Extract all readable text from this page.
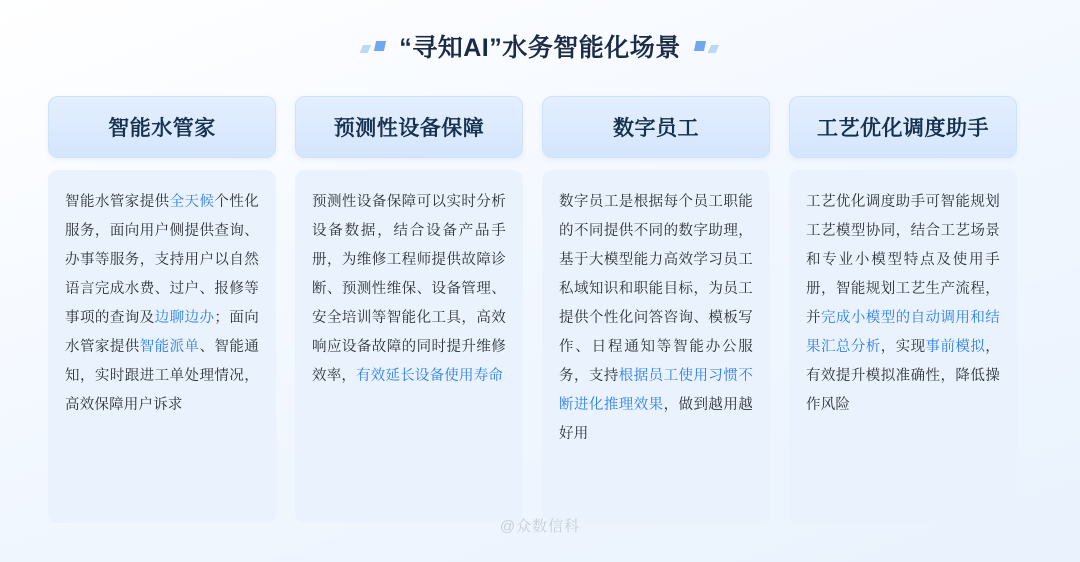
“寻知AI”水务智能化场景
智能水管家
智能水管家提供全天候个性化服务，面向用户侧提供查询、办事等服务，支持用户以自然语言完成水费、过户、报修等事项的查询及边聊边办；面向水管家提供智能派单、智能通知，实时跟进工单处理情况，高效保障用户诉求
预测性设备保障
预测性设备保障可以实时分析设备数据，结合设备产品手册，为维修工程师提供故障诊断、预测性维保、设备管理、安全培训等智能化工具，高效响应设备故障的同时提升维修效率，有效延长设备使用寿命
数字员工
数字员工是根据每个员工职能的不同提供不同的数字助理，基于大模型能力高效学习员工私域知识和职能目标，为员工提供个性化问答咨询、模板写作、日程通知等智能办公服务，支持根据员工使用习惯不断进化推理效果，做到越用越好用
工艺优化调度助手
工艺优化调度助手可智能规划工艺模型协同，结合工艺场景和专业小模型特点及使用手册，智能规划工艺生产流程，并完成小模型的自动调用和结果汇总分析，实现事前模拟，有效提升模拟准确性，降低操作风险
@众数信科
